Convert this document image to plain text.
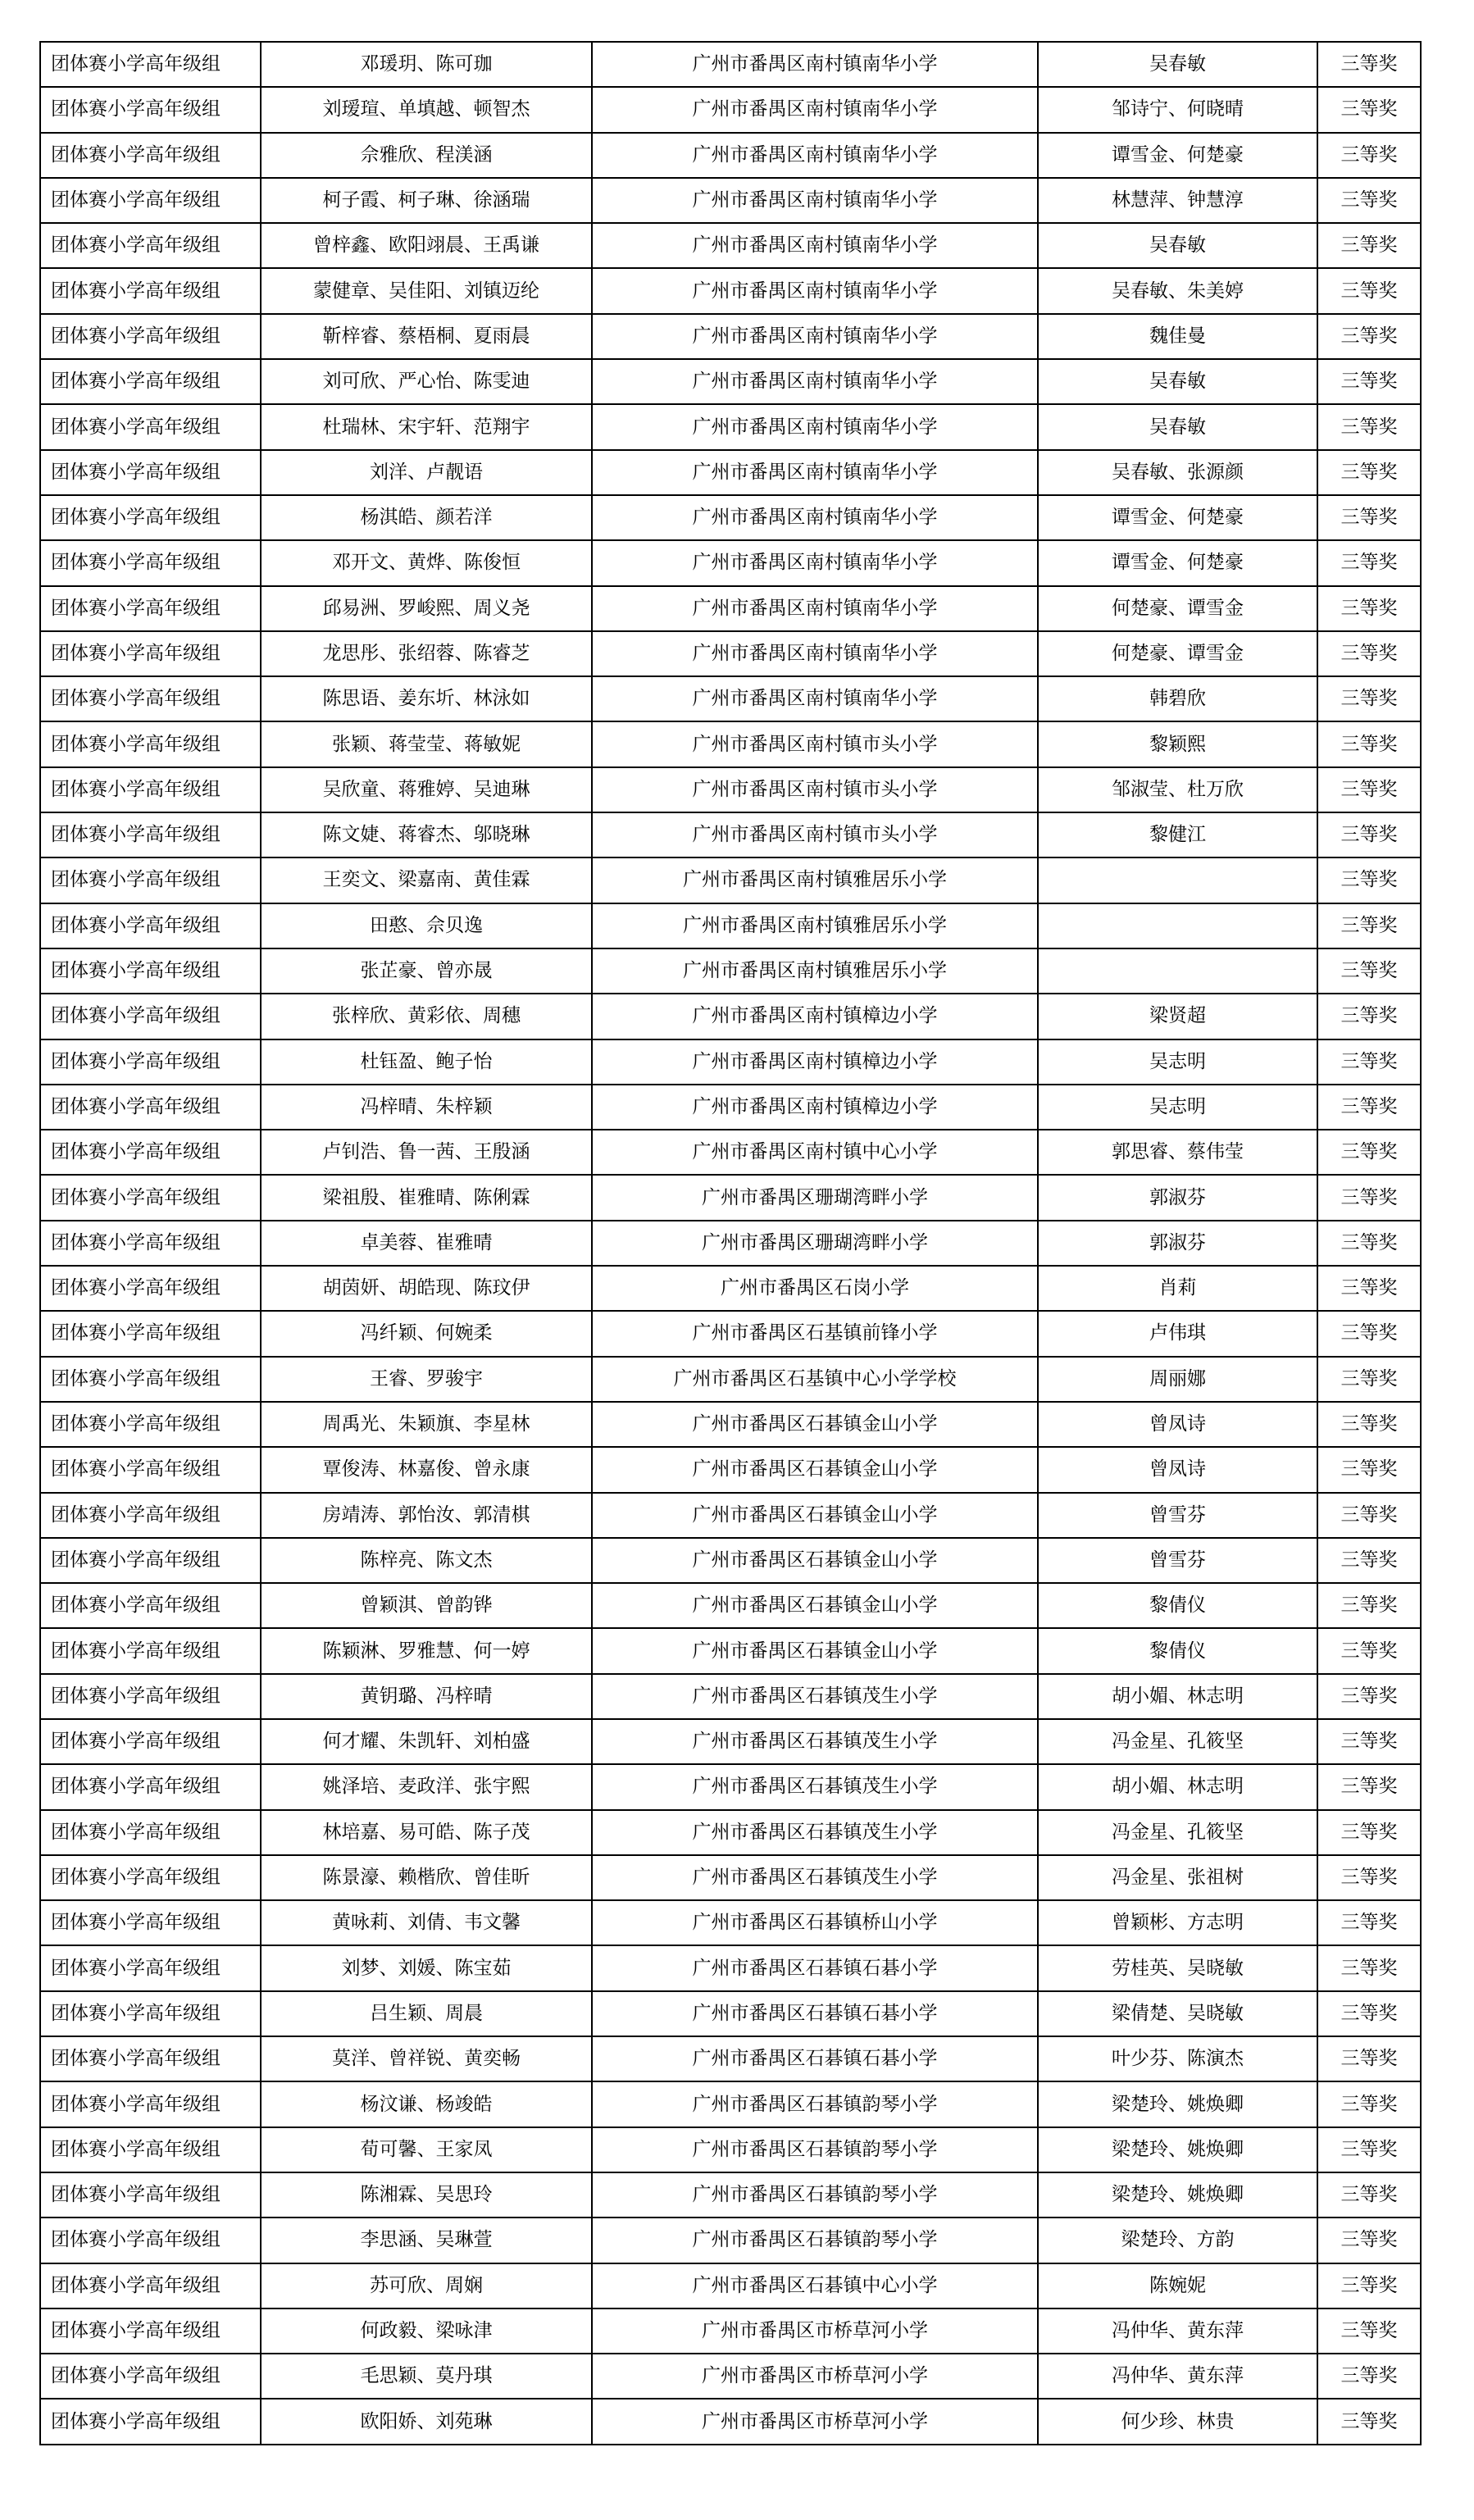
团体赛小学高年级组	邓瑗玥、陈可珈	广州市番禺区南村镇南华小学	吴春敏	三等奖
团体赛小学高年级组	刘瑷瑄、单填越、顿智杰	广州市番禺区南村镇南华小学	邹诗宁、何晓晴	三等奖
团体赛小学高年级组	佘雅欣、程渼涵	广州市番禺区南村镇南华小学	谭雪金、何楚豪	三等奖
团体赛小学高年级组	柯子霞、柯子琳、徐涵瑞	广州市番禺区南村镇南华小学	林慧萍、钟慧淳	三等奖
团体赛小学高年级组	曾梓鑫、欧阳翊晨、王禹谦	广州市番禺区南村镇南华小学	吴春敏	三等奖
团体赛小学高年级组	蒙健章、吴佳阳、刘镇迈纶	广州市番禺区南村镇南华小学	吴春敏、朱美婷	三等奖
团体赛小学高年级组	靳梓睿、蔡梧桐、夏雨晨	广州市番禺区南村镇南华小学	魏佳曼	三等奖
团体赛小学高年级组	刘可欣、严心怡、陈雯迪	广州市番禺区南村镇南华小学	吴春敏	三等奖
团体赛小学高年级组	杜瑞林、宋宇轩、范翔宇	广州市番禺区南村镇南华小学	吴春敏	三等奖
团体赛小学高年级组	刘洋、卢靓语	广州市番禺区南村镇南华小学	吴春敏、张源颜	三等奖
团体赛小学高年级组	杨淇皓、颜若洋	广州市番禺区南村镇南华小学	谭雪金、何楚豪	三等奖
团体赛小学高年级组	邓开文、黄烨、陈俊恒	广州市番禺区南村镇南华小学	谭雪金、何楚豪	三等奖
团体赛小学高年级组	邱易洲、罗峻熙、周义尧	广州市番禺区南村镇南华小学	何楚豪、谭雪金	三等奖
团体赛小学高年级组	龙思彤、张绍蓉、陈睿芝	广州市番禺区南村镇南华小学	何楚豪、谭雪金	三等奖
团体赛小学高年级组	陈思语、姜东圻、林泳如	广州市番禺区南村镇南华小学	韩碧欣	三等奖
团体赛小学高年级组	张颖、蒋莹莹、蒋敏妮	广州市番禺区南村镇市头小学	黎颖熙	三等奖
团体赛小学高年级组	吴欣童、蒋雅婷、吴迪琳	广州市番禺区南村镇市头小学	邹淑莹、杜万欣	三等奖
团体赛小学高年级组	陈文婕、蒋睿杰、邬晓琳	广州市番禺区南村镇市头小学	黎健江	三等奖
团体赛小学高年级组	王奕文、梁嘉南、黄佳霖	广州市番禺区南村镇雅居乐小学		三等奖
团体赛小学高年级组	田憨、佘贝逸	广州市番禺区南村镇雅居乐小学		三等奖
团体赛小学高年级组	张芷豪、曾亦晟	广州市番禺区南村镇雅居乐小学		三等奖
团体赛小学高年级组	张梓欣、黄彩依、周穗	广州市番禺区南村镇樟边小学	梁贤超	三等奖
团体赛小学高年级组	杜钰盈、鲍子怡	广州市番禺区南村镇樟边小学	吴志明	三等奖
团体赛小学高年级组	冯梓晴、朱梓颖	广州市番禺区南村镇樟边小学	吴志明	三等奖
团体赛小学高年级组	卢钊浩、鲁一茜、王殷涵	广州市番禺区南村镇中心小学	郭思睿、蔡伟莹	三等奖
团体赛小学高年级组	梁祖殷、崔雅晴、陈俐霖	广州市番禺区珊瑚湾畔小学	郭淑芬	三等奖
团体赛小学高年级组	卓美蓉、崔雅晴	广州市番禺区珊瑚湾畔小学	郭淑芬	三等奖
团体赛小学高年级组	胡茵妍、胡皓现、陈玟伊	广州市番禺区石岗小学	肖莉	三等奖
团体赛小学高年级组	冯纤颖、何婉柔	广州市番禺区石基镇前锋小学	卢伟琪	三等奖
团体赛小学高年级组	王睿、罗骏宇	广州市番禺区石基镇中心小学学校	周丽娜	三等奖
团体赛小学高年级组	周禹光、朱颖旗、李星林	广州市番禺区石碁镇金山小学	曾凤诗	三等奖
团体赛小学高年级组	覃俊涛、林嘉俊、曾永康	广州市番禺区石碁镇金山小学	曾凤诗	三等奖
团体赛小学高年级组	房靖涛、郭怡汝、郭清棋	广州市番禺区石碁镇金山小学	曾雪芬	三等奖
团体赛小学高年级组	陈梓亮、陈文杰	广州市番禺区石碁镇金山小学	曾雪芬	三等奖
团体赛小学高年级组	曾颖淇、曾韵铧	广州市番禺区石碁镇金山小学	黎倩仪	三等奖
团体赛小学高年级组	陈颖淋、罗雅慧、何一婷	广州市番禺区石碁镇金山小学	黎倩仪	三等奖
团体赛小学高年级组	黄钥璐、冯梓晴	广州市番禺区石碁镇茂生小学	胡小媚、林志明	三等奖
团体赛小学高年级组	何才耀、朱凯轩、刘柏盛	广州市番禺区石碁镇茂生小学	冯金星、孔筱坚	三等奖
团体赛小学高年级组	姚泽培、麦政洋、张宇熙	广州市番禺区石碁镇茂生小学	胡小媚、林志明	三等奖
团体赛小学高年级组	林培嘉、易可皓、陈子茂	广州市番禺区石碁镇茂生小学	冯金星、孔筱坚	三等奖
团体赛小学高年级组	陈景濠、赖楷欣、曾佳昕	广州市番禺区石碁镇茂生小学	冯金星、张祖树	三等奖
团体赛小学高年级组	黄咏莉、刘倩、韦文馨	广州市番禺区石碁镇桥山小学	曾颖彬、方志明	三等奖
团体赛小学高年级组	刘梦、刘媛、陈宝茹	广州市番禺区石碁镇石碁小学	劳桂英、吴晓敏	三等奖
团体赛小学高年级组	吕生颖、周晨	广州市番禺区石碁镇石碁小学	梁倩楚、吴晓敏	三等奖
团体赛小学高年级组	莫洋、曾祥锐、黄奕畅	广州市番禺区石碁镇石碁小学	叶少芬、陈演杰	三等奖
团体赛小学高年级组	杨汶谦、杨竣皓	广州市番禺区石碁镇韵琴小学	梁楚玲、姚焕卿	三等奖
团体赛小学高年级组	荀可馨、王家凤	广州市番禺区石碁镇韵琴小学	梁楚玲、姚焕卿	三等奖
团体赛小学高年级组	陈湘霖、吴思玲	广州市番禺区石碁镇韵琴小学	梁楚玲、姚焕卿	三等奖
团体赛小学高年级组	李思涵、吴琳萱	广州市番禺区石碁镇韵琴小学	梁楚玲、方韵	三等奖
团体赛小学高年级组	苏可欣、周娴	广州市番禺区石碁镇中心小学	陈婉妮	三等奖
团体赛小学高年级组	何政毅、梁咏津	广州市番禺区市桥草河小学	冯仲华、黄东萍	三等奖
团体赛小学高年级组	毛思颖、莫丹琪	广州市番禺区市桥草河小学	冯仲华、黄东萍	三等奖
团体赛小学高年级组	欧阳娇、刘苑琳	广州市番禺区市桥草河小学	何少珍、林贵	三等奖
